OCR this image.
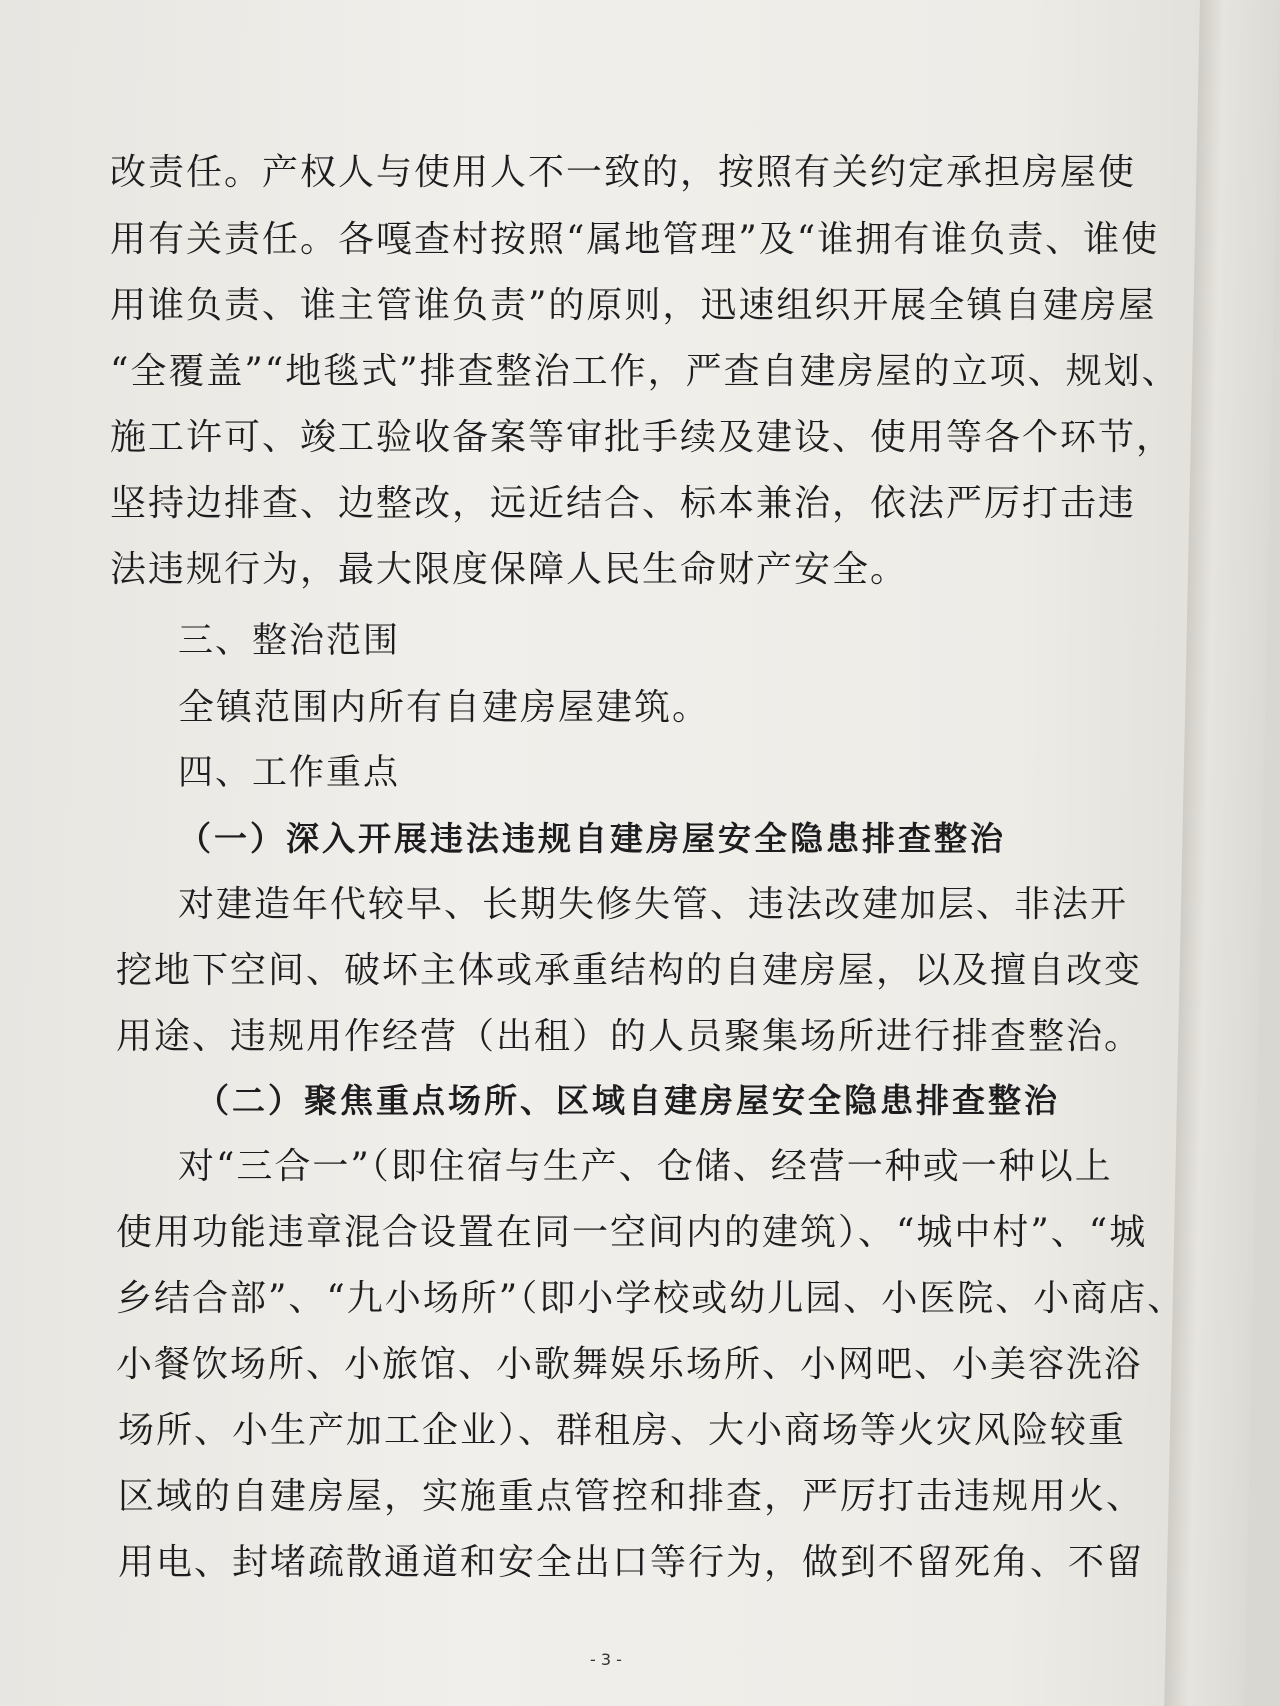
改责任。产权人与使用人不一致的，按照有关约定承担房屋使
用有关责任。各嘎查村按照“属地管理”及“谁拥有谁负责、谁使
用谁负责、谁主管谁负责”的原则，迅速组织开展全镇自建房屋
“全覆盖”“地毯式”排查整治工作，严查自建房屋的立项、规划、
施工许可、竣工验收备案等审批手续及建设、使用等各个环节，
坚持边排查、边整改，远近结合、标本兼治，依法严厉打击违
法违规行为，最大限度保障人民生命财产安全。
三、整治范围
全镇范围内所有自建房屋建筑。
四、工作重点
（一）深入开展违法违规自建房屋安全隐患排查整治
对建造年代较早、长期失修失管、违法改建加层、非法开
挖地下空间、破坏主体或承重结构的自建房屋，以及擅自改变
用途、违规用作经营（出租）的人员聚集场所进行排查整治。
（二）聚焦重点场所、区域自建房屋安全隐患排查整治
对“三合一”（即住宿与生产、仓储、经营一种或一种以上
使用功能违章混合设置在同一空间内的建筑）、“城中村”、“城
乡结合部”、“九小场所”（即小学校或幼儿园、小医院、小商店、
小餐饮场所、小旅馆、小歌舞娱乐场所、小网吧、小美容洗浴
场所、小生产加工企业）、群租房、大小商场等火灾风险较重
区域的自建房屋，实施重点管控和排查，严厉打击违规用火、
用电、封堵疏散通道和安全出口等行为，做到不留死角、不留
- 3 -
